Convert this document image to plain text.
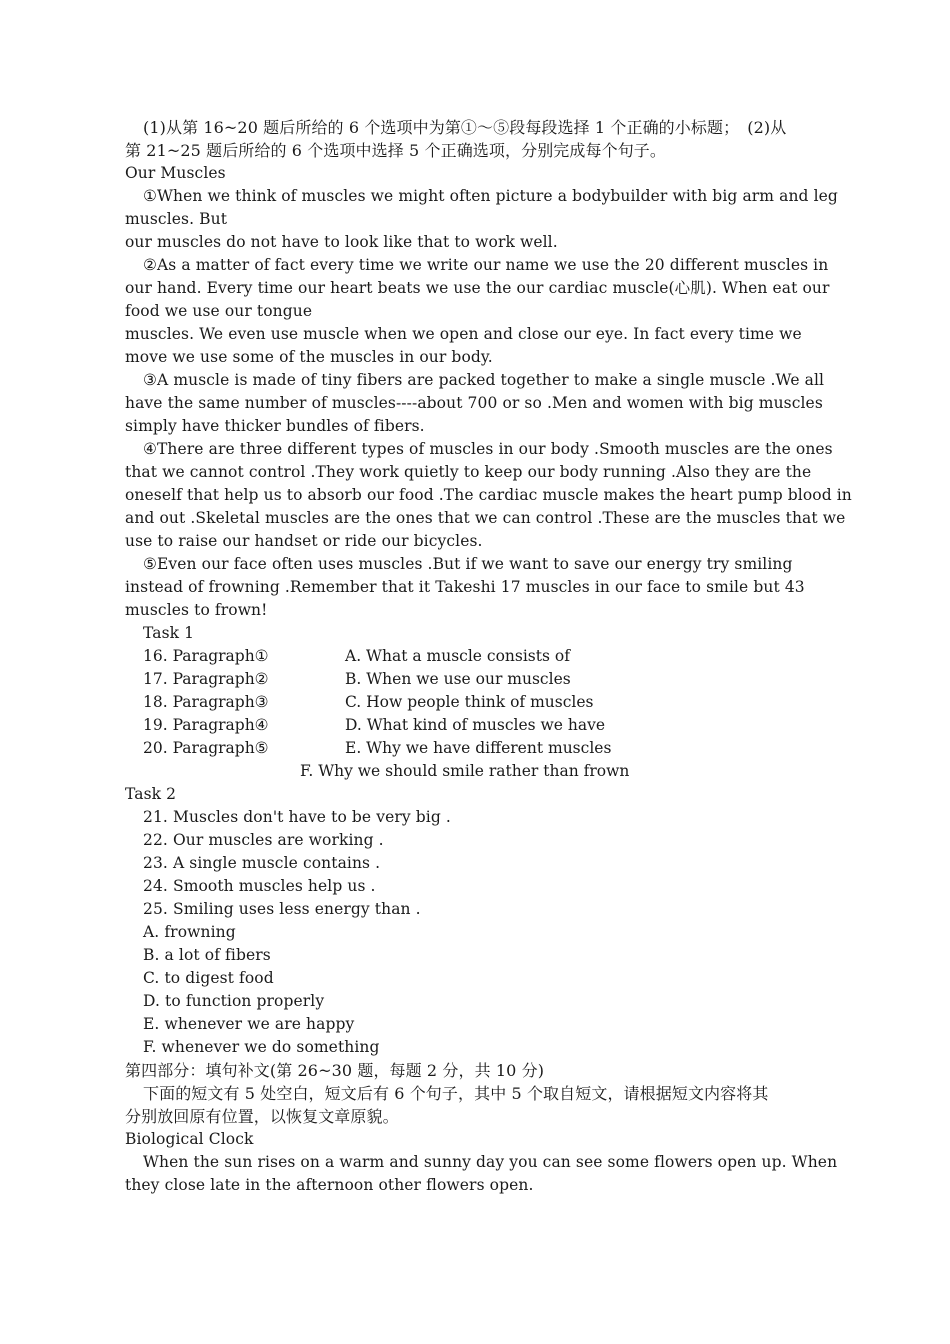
(1)从第 16~20 题后所给的 6 个选项中为第①～⑤段每段选择 1 个正确的小标题；　(2)从
第 21~25 题后所给的 6 个选项中选择 5 个正确选项，分别完成每个句子。
Our Muscles
①When we think of muscles we might often picture a bodybuilder with big arm and leg
muscles. But
our muscles do not have to look like that to work well.
②As a matter of fact every time we write our name we use the 20 different muscles in
our hand. Every time our heart beats we use the our cardiac muscle(心肌). When eat our
food we use our tongue
muscles. We even use muscle when we open and close our eye. In fact every time we
move we use some of the muscles in our body.
③A muscle is made of tiny fibers are packed together to make a single muscle .We all
have the same number of muscles----about 700 or so .Men and women with big muscles
simply have thicker bundles of fibers.
④There are three different types of muscles in our body .Smooth muscles are the ones
that we cannot control .They work quietly to keep our body running .Also they are the
oneself that help us to absorb our food .The cardiac muscle makes the heart pump blood in
and out .Skeletal muscles are the ones that we can control .These are the muscles that we
use to raise our handset or ride our bicycles.
⑤Even our face often uses muscles .But if we want to save our energy try smiling
instead of frowning .Remember that it Takeshi 17 muscles in our face to smile but 43
muscles to frown!
Task 1
16. Paragraph①	A. What a muscle consists of
17. Paragraph②	B. When we use our muscles
18. Paragraph③	C. How people think of muscles
19. Paragraph④	D. What kind of muscles we have
20. Paragraph⑤	E. Why we have different muscles
F. Why we should smile rather than frown
Task 2
21. Muscles don't have to be very big .
22. Our muscles are working .
23. A single muscle contains .
24. Smooth muscles help us .
25. Smiling uses less energy than .
A. frowning
B. a lot of fibers
C. to digest food
D. to function properly
E. whenever we are happy
F. whenever we do something
第四部分：填句补文(第 26~30 题，每题 2 分，共 10 分)
下面的短文有 5 处空白，短文后有 6 个句子，其中 5 个取自短文，请根据短文内容将其
分别放回原有位置，以恢复文章原貌。
Biological Clock
When the sun rises on a warm and sunny day you can see some flowers open up. When
they close late in the afternoon other flowers open.
